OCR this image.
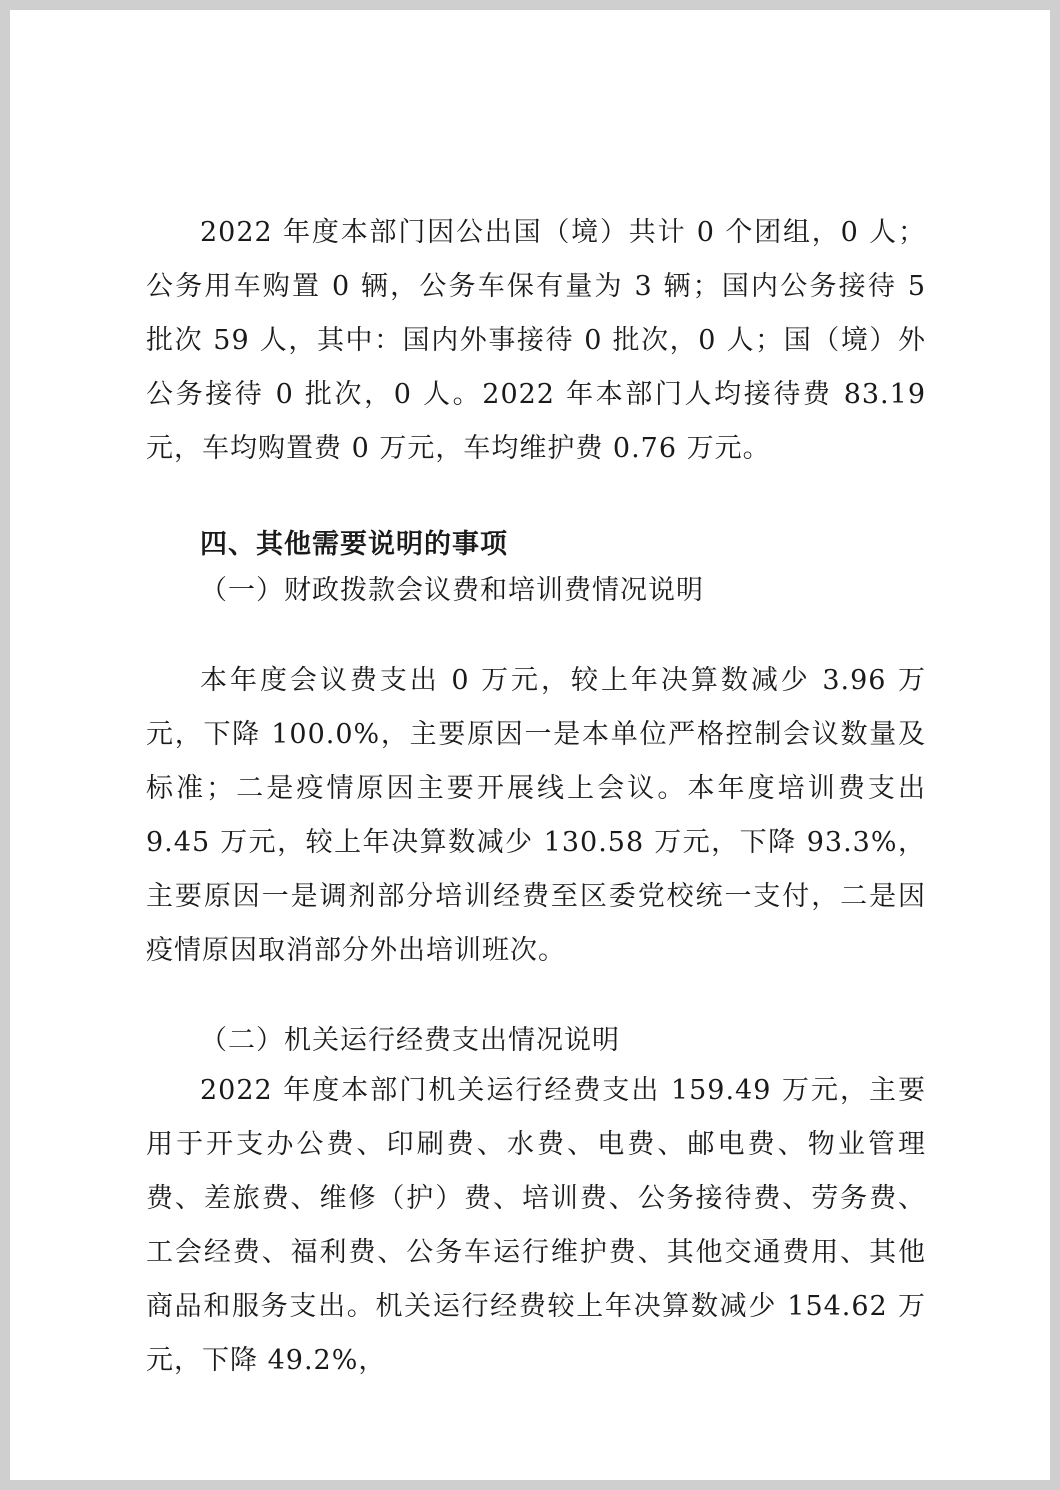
2022 年度本部门因公出国（境）共计 0 个团组，0 人；公务用车购置 0 辆，公务车保有量为 3 辆；国内公务接待 5 批次 59 人，其中：国内外事接待 0 批次，0 人；国（境）外公务接待 0 批次，0 人。2022 年本部门人均接待费 83.19 元，车均购置费 0 万元，车均维护费 0.76 万元。

四、其他需要说明的事项

（一）财政拨款会议费和培训费情况说明

本年度会议费支出 0 万元，较上年决算数减少 3.96 万元，下降 100.0%，主要原因一是本单位严格控制会议数量及标准；二是疫情原因主要开展线上会议。本年度培训费支出 9.45 万元，较上年决算数减少 130.58 万元，下降 93.3%，主要原因一是调剂部分培训经费至区委党校统一支付，二是因疫情原因取消部分外出培训班次。

（二）机关运行经费支出情况说明

2022 年度本部门机关运行经费支出 159.49 万元，主要用于开支办公费、印刷费、水费、电费、邮电费、物业管理费、差旅费、维修（护）费、培训费、公务接待费、劳务费、工会经费、福利费、公务车运行维护费、其他交通费用、其他商品和服务支出。机关运行经费较上年决算数减少 154.62 万元，下降 49.2%，
